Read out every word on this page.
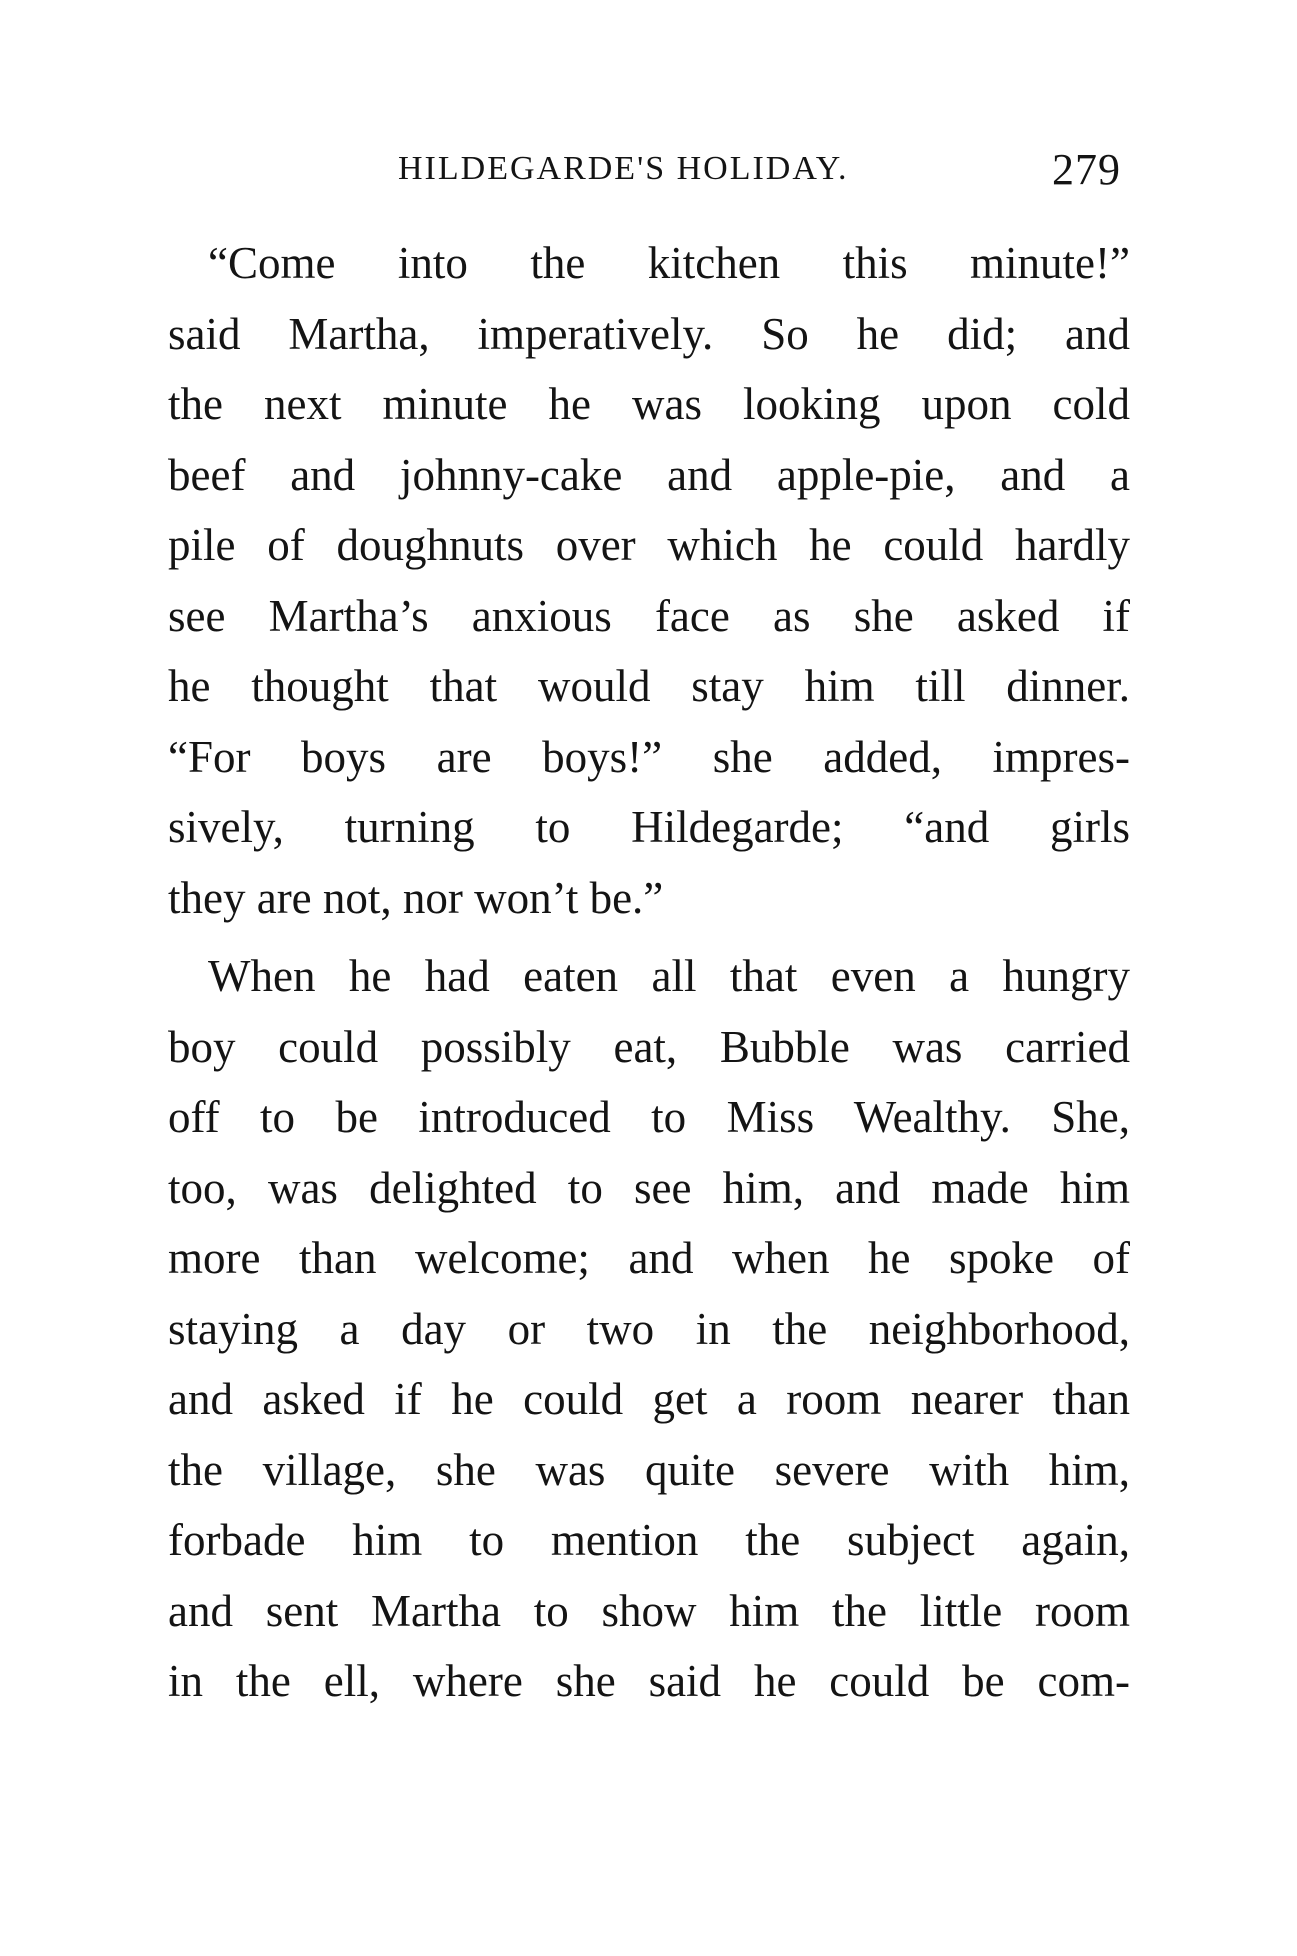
HILDEGARDE'S HOLIDAY.	279
“Come into the kitchen this minute!”
said Martha, imperatively. So he did; and
the next minute he was looking upon cold
beef and johnny-cake and apple-pie, and a
pile of doughnuts over which he could hardly
see Martha’s anxious face as she asked if
he thought that would stay him till dinner.
“For boys are boys!” she added, impres-
sively, turning to Hildegarde; “and girls
they are not, nor won’t be.”
When he had eaten all that even a hungry
boy could possibly eat, Bubble was carried
off to be introduced to Miss Wealthy. She,
too, was delighted to see him, and made him
more than welcome; and when he spoke of
staying a day or two in the neighborhood,
and asked if he could get a room nearer than
the village, she was quite severe with him,
forbade him to mention the subject again,
and sent Martha to show him the little room
in the ell, where she said he could be com-
